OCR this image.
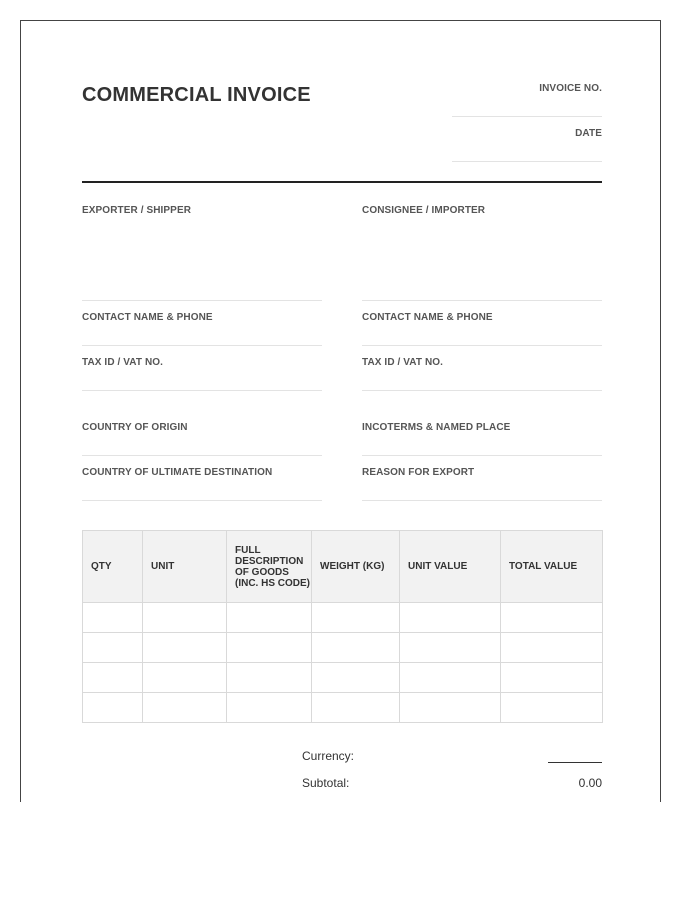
COMMERCIAL INVOICE	INVOICE NO.
DATE
EXPORTER / SHIPPER	CONSIGNEE / IMPORTER
CONTACT NAME & PHONE	CONTACT NAME & PHONE
TAX ID / VAT NO.	TAX ID / VAT NO.
COUNTRY OF ORIGIN	INCOTERMS & NAMED PLACE
COUNTRY OF ULTIMATE DESTINATION	REASON FOR EXPORT
QTY	UNIT	FULL DESCRIPTION OF GOODS (INC. HS CODE)	WEIGHT (KG)	UNIT VALUE	TOTAL VALUE

Currency:
Subtotal:	0.00
